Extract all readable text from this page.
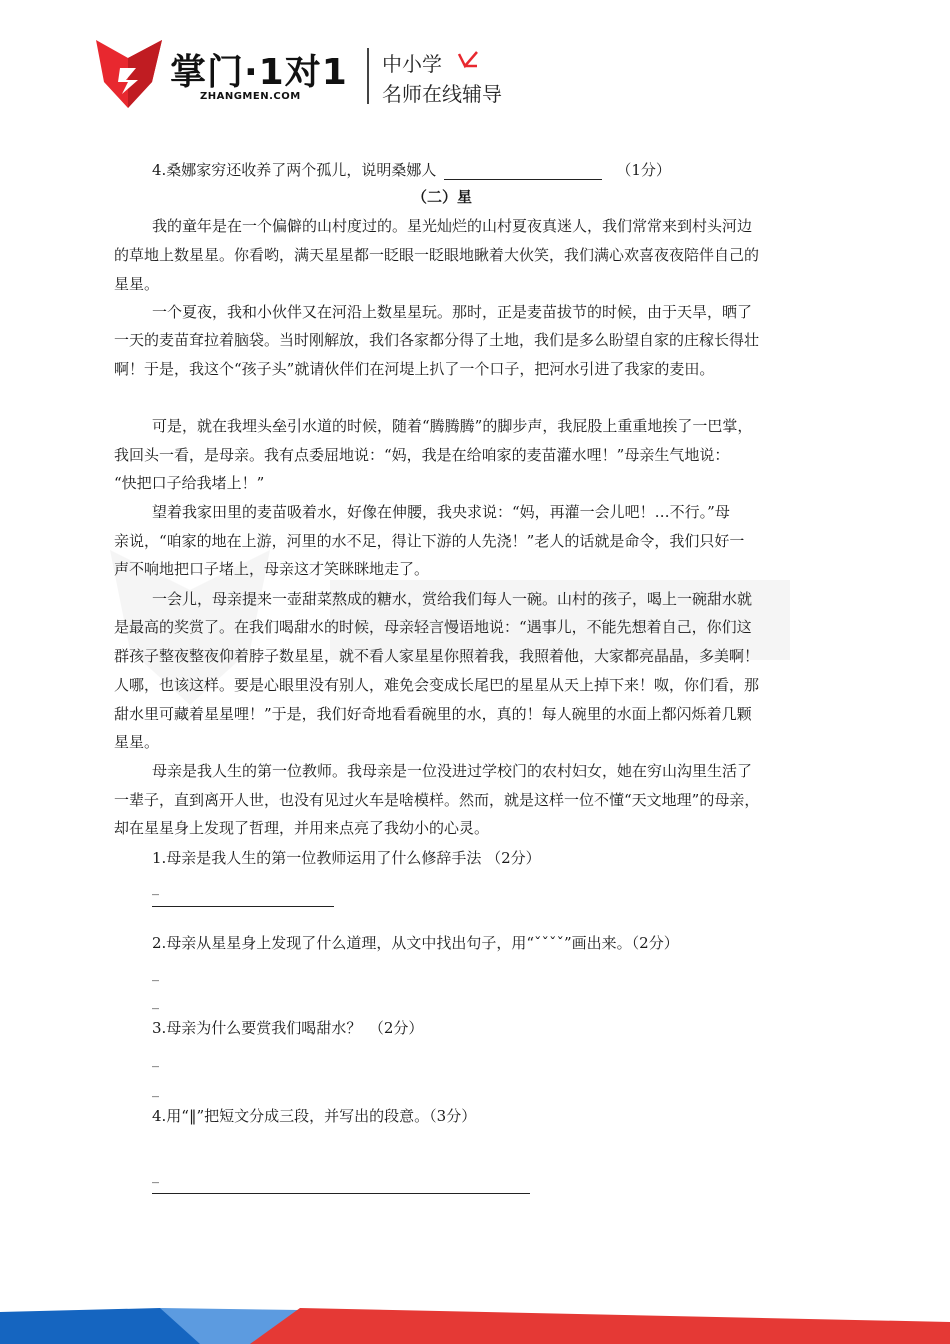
掌门·1对1
ZHANGMEN.COM
中小学
名师在线辅导
4.桑娜家穷还收养了两个孤儿，说明桑娜人	（1分）
（二）星
我的童年是在一个偏僻的山村度过的。星光灿烂的山村夏夜真迷人，我们常常来到村头河边
的草地上数星星。你看哟，满天星星都一眨眼一眨眼地瞅着大伙笑，我们满心欢喜夜夜陪伴自己的
星星。
一个夏夜，我和小伙伴又在河沿上数星星玩。那时，正是麦苗拔节的时候，由于天旱，晒了
一天的麦苗耷拉着脑袋。当时刚解放，我们各家都分得了土地，我们是多么盼望自家的庄稼长得壮
啊！于是，我这个“孩子头”就请伙伴们在河堤上扒了一个口子，把河水引进了我家的麦田。
可是，就在我埋头垒引水道的时候，随着“腾腾腾”的脚步声，我屁股上重重地挨了一巴掌，
我回头一看，是母亲。我有点委屈地说：“妈，我是在给咱家的麦苗灌水哩！”母亲生气地说：
“快把口子给我堵上！”
望着我家田里的麦苗吸着水，好像在伸腰，我央求说：“妈，再灌一会儿吧！…不行。”母
亲说，“咱家的地在上游，河里的水不足，得让下游的人先浇！”老人的话就是命令，我们只好一
声不响地把口子堵上，母亲这才笑眯眯地走了。
一会儿，母亲提来一壶甜菜熬成的糖水，赏给我们每人一碗。山村的孩子，喝上一碗甜水就
是最高的奖赏了。在我们喝甜水的时候，母亲轻言慢语地说：“遇事儿，不能先想着自己，你们这
群孩子整夜整夜仰着脖子数星星，就不看人家星星你照着我，我照着他，大家都亮晶晶，多美啊！
人哪，也该这样。要是心眼里没有别人，难免会变成长尾巴的星星从天上掉下来！呶，你们看，那
甜水里可藏着星星哩！”于是，我们好奇地看看碗里的水，真的！每人碗里的水面上都闪烁着几颗
星星。
母亲是我人生的第一位教师。我母亲是一位没进过学校门的农村妇女，她在穷山沟里生活了
一辈子，直到离开人世，也没有见过火车是啥模样。然而，就是这样一位不懂“天文地理”的母亲，
却在星星身上发现了哲理，并用来点亮了我幼小的心灵。
1.母亲是我人生的第一位教师运用了什么修辞手法 （2分）
_
2.母亲从星星身上发现了什么道理，从文中找出句子，用“ˇˇˇˇ”画出来。（2分）
_
_
3.母亲为什么要赏我们喝甜水？　 （2分）
_
_
4.用“‖”把短文分成三段，并写出的段意。（3分）
_
